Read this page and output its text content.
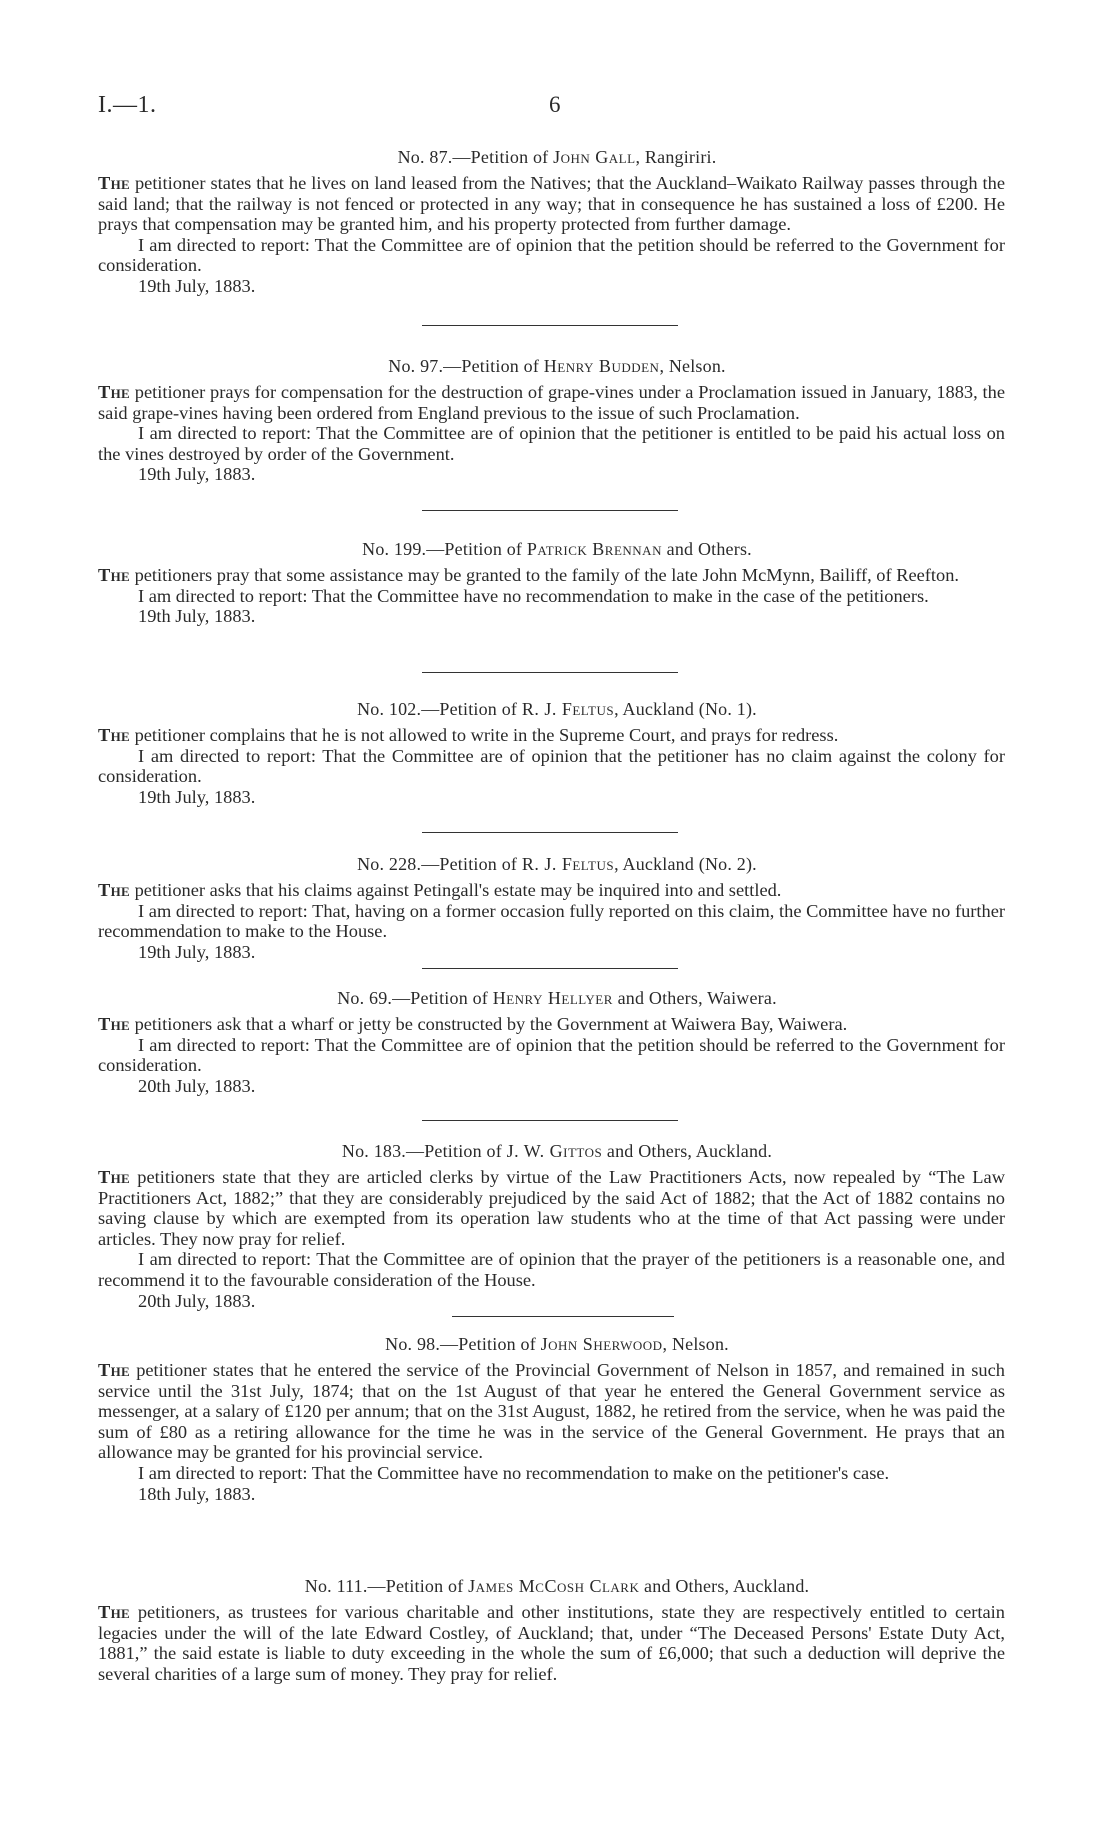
I.—1.	6
No. 87.—Petition of John Gall, Rangiriri.
The petitioner states that he lives on land leased from the Natives; that the Auckland–Waikato Railway passes through the said land; that the railway is not fenced or protected in any way; that in consequence he has sustained a loss of £200. He prays that compensation may be granted him, and his property protected from further damage.
I am directed to report: That the Committee are of opinion that the petition should be referred to the Government for consideration.
19th July, 1883.
No. 97.—Petition of Henry Budden, Nelson.
The petitioner prays for compensation for the destruction of grape-vines under a Proclamation issued in January, 1883, the said grape-vines having been ordered from England previous to the issue of such Proclamation.
I am directed to report: That the Committee are of opinion that the petitioner is entitled to be paid his actual loss on the vines destroyed by order of the Government.
19th July, 1883.
No. 199.—Petition of Patrick Brennan and Others.
The petitioners pray that some assistance may be granted to the family of the late John McMynn, Bailiff, of Reefton.
I am directed to report: That the Committee have no recommendation to make in the case of the petitioners.
19th July, 1883.
No. 102.—Petition of R. J. Feltus, Auckland (No. 1).
The petitioner complains that he is not allowed to write in the Supreme Court, and prays for redress.
I am directed to report: That the Committee are of opinion that the petitioner has no claim against the colony for consideration.
19th July, 1883.
No. 228.—Petition of R. J. Feltus, Auckland (No. 2).
The petitioner asks that his claims against Petingall's estate may be inquired into and settled.
I am directed to report: That, having on a former occasion fully reported on this claim, the Committee have no further recommendation to make to the House.
19th July, 1883.
No. 69.—Petition of Henry Hellyer and Others, Waiwera.
The petitioners ask that a wharf or jetty be constructed by the Government at Waiwera Bay, Waiwera.
I am directed to report: That the Committee are of opinion that the petition should be referred to the Government for consideration.
20th July, 1883.
No. 183.—Petition of J. W. Gittos and Others, Auckland.
The petitioners state that they are articled clerks by virtue of the Law Practitioners Acts, now repealed by “The Law Practitioners Act, 1882;” that they are considerably prejudiced by the said Act of 1882; that the Act of 1882 contains no saving clause by which are exempted from its operation law students who at the time of that Act passing were under articles. They now pray for relief.
I am directed to report: That the Committee are of opinion that the prayer of the petitioners is a reasonable one, and recommend it to the favourable consideration of the House.
20th July, 1883.
No. 98.—Petition of John Sherwood, Nelson.
The petitioner states that he entered the service of the Provincial Government of Nelson in 1857, and remained in such service until the 31st July, 1874; that on the 1st August of that year he entered the General Government service as messenger, at a salary of £120 per annum; that on the 31st August, 1882, he retired from the service, when he was paid the sum of £80 as a retiring allowance for the time he was in the service of the General Government. He prays that an allowance may be granted for his provincial service.
I am directed to report: That the Committee have no recommendation to make on the petitioner's case.
18th July, 1883.
No. 111.—Petition of James McCosh Clark and Others, Auckland.
The petitioners, as trustees for various charitable and other institutions, state they are respectively entitled to certain legacies under the will of the late Edward Costley, of Auckland; that, under “The Deceased Persons' Estate Duty Act, 1881,” the said estate is liable to duty exceeding in the whole the sum of £6,000; that such a deduction will deprive the several charities of a large sum of money. They pray for relief.
